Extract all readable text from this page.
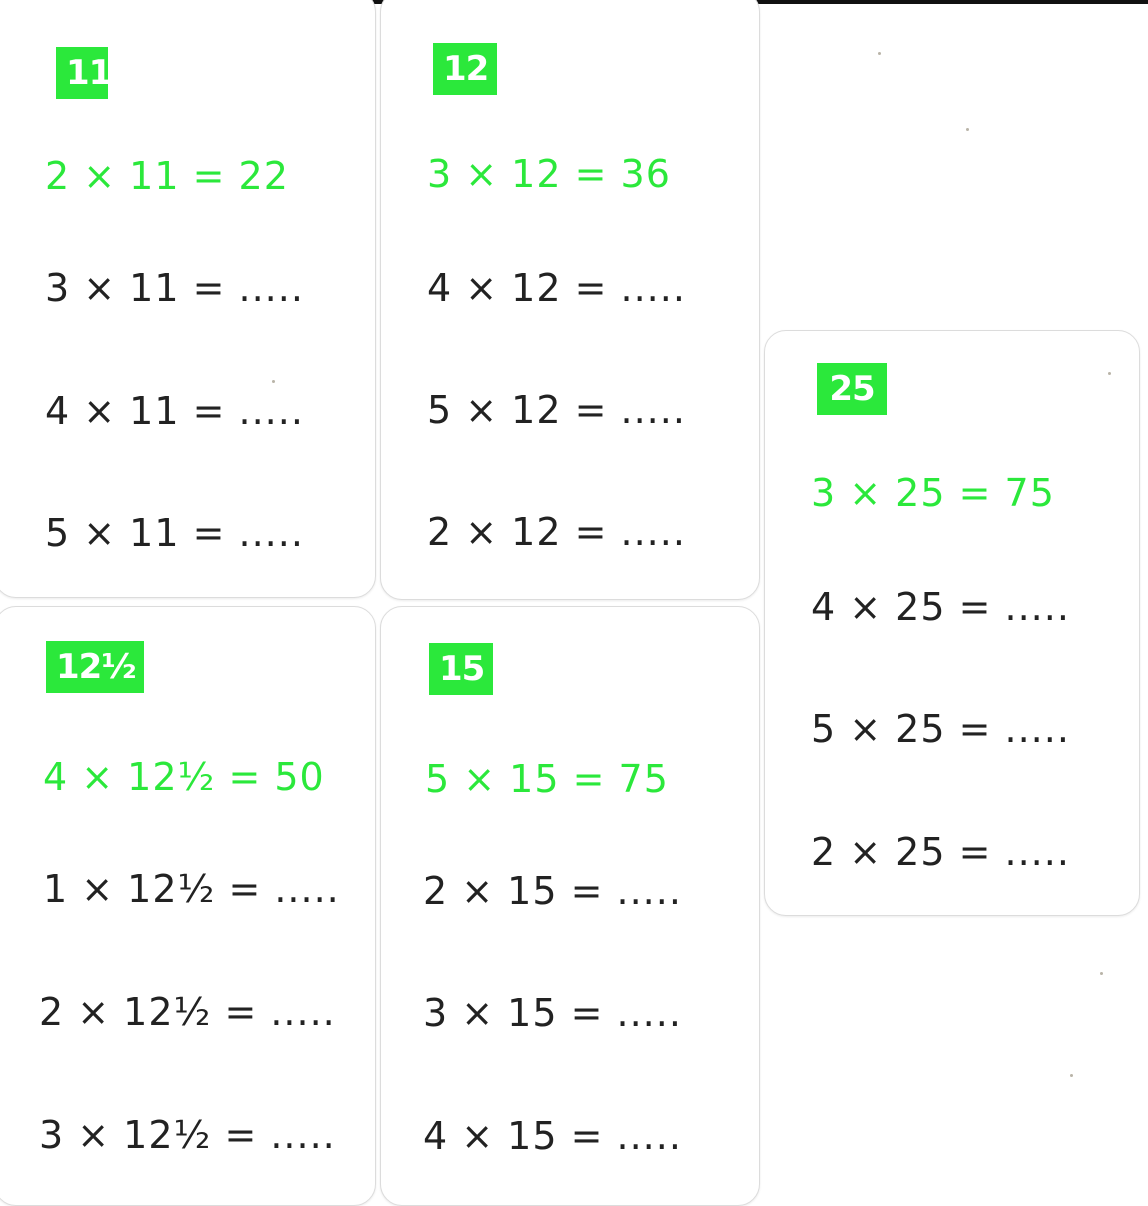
11
2 × 11 = 22
3 × 11 = .....
4 × 11 = .....
5 × 11 = .....
12
3 × 12 = 36
4 × 12 = .....
5 × 12 = .....
2 × 12 = .....
25
3 × 25 = 75
4 × 25 = .....
5 × 25 = .....
2 × 25 = .....
12½
4 × 12½ = 50
1 × 12½ = .....
2 × 12½ = .....
3 × 12½ = .....
15
5 × 15 = 75
2 × 15 = .....
3 × 15 = .....
4 × 15 = .....
